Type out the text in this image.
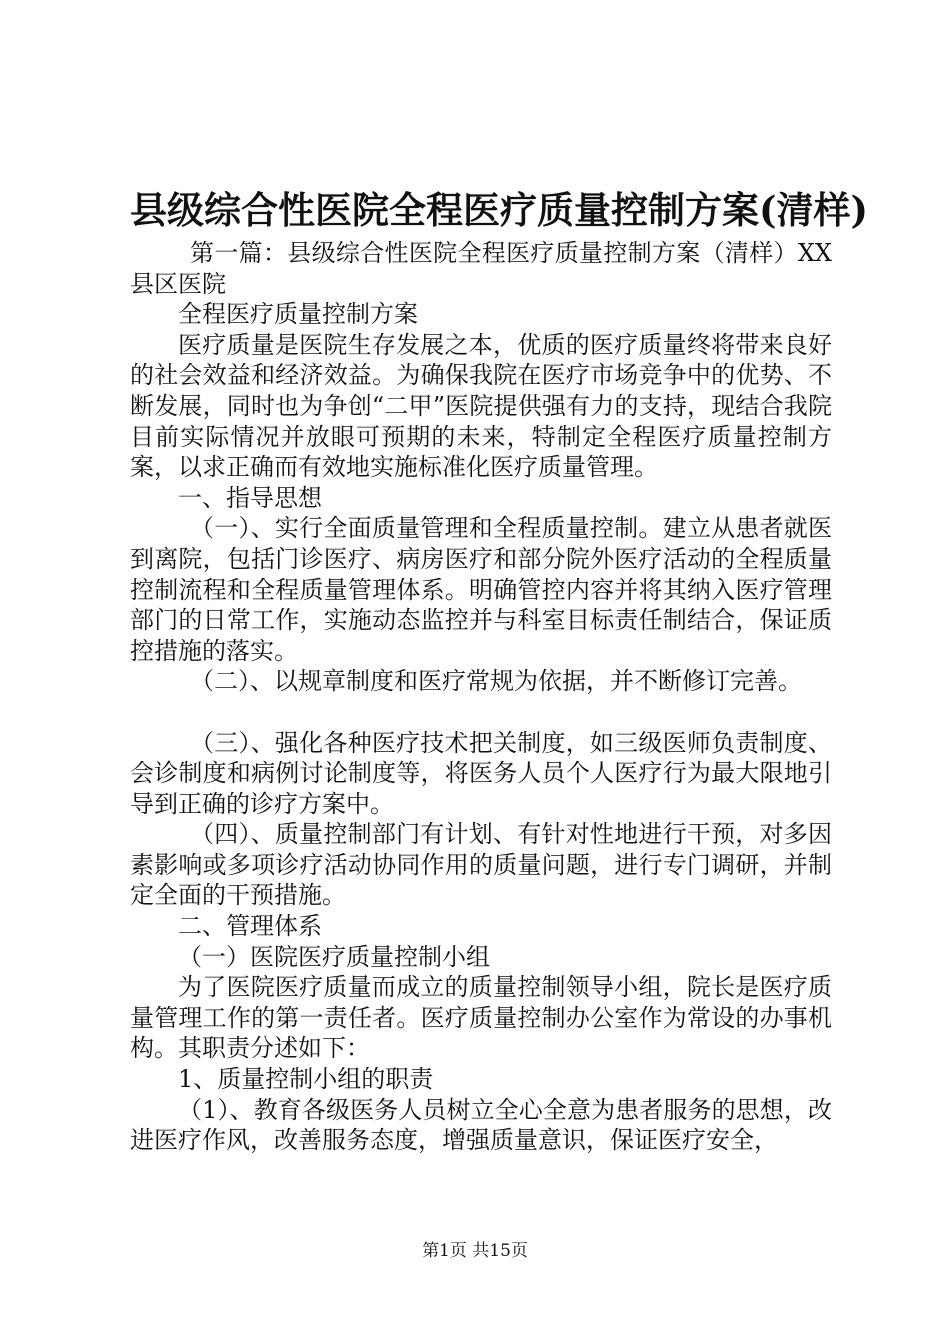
县级综合性医院全程医疗质量控制方案(清样)

第一篇：县级综合性医院全程医疗质量控制方案（清样）XX县区医院

全程医疗质量控制方案

医疗质量是医院生存发展之本，优质的医疗质量终将带来良好的社会效益和经济效益。为确保我院在医疗市场竞争中的优势、不断发展，同时也为争创“二甲”医院提供强有力的支持，现结合我院目前实际情况并放眼可预期的未来，特制定全程医疗质量控制方案，以求正确而有效地实施标准化医疗质量管理。

一、指导思想

（一）、实行全面质量管理和全程质量控制。建立从患者就医到离院，包括门诊医疗、病房医疗和部分院外医疗活动的全程质量控制流程和全程质量管理体系。明确管控内容并将其纳入医疗管理部门的日常工作，实施动态监控并与科室目标责任制结合，保证质控措施的落实。

（二）、以规章制度和医疗常规为依据，并不断修订完善。

（三）、强化各种医疗技术把关制度，如三级医师负责制度、会诊制度和病例讨论制度等，将医务人员个人医疗行为最大限地引导到正确的诊疗方案中。

（四）、质量控制部门有计划、有针对性地进行干预，对多因素影响或多项诊疗活动协同作用的质量问题，进行专门调研，并制定全面的干预措施。

二、管理体系

（一）医院医疗质量控制小组

为了医院医疗质量而成立的质量控制领导小组，院长是医疗质量管理工作的第一责任者。医疗质量控制办公室作为常设的办事机构。其职责分述如下：

1、质量控制小组的职责

（1）、教育各级医务人员树立全心全意为患者服务的思想，改进医疗作风，改善服务态度，增强质量意识，保证医疗安全，

第1页 共15页
